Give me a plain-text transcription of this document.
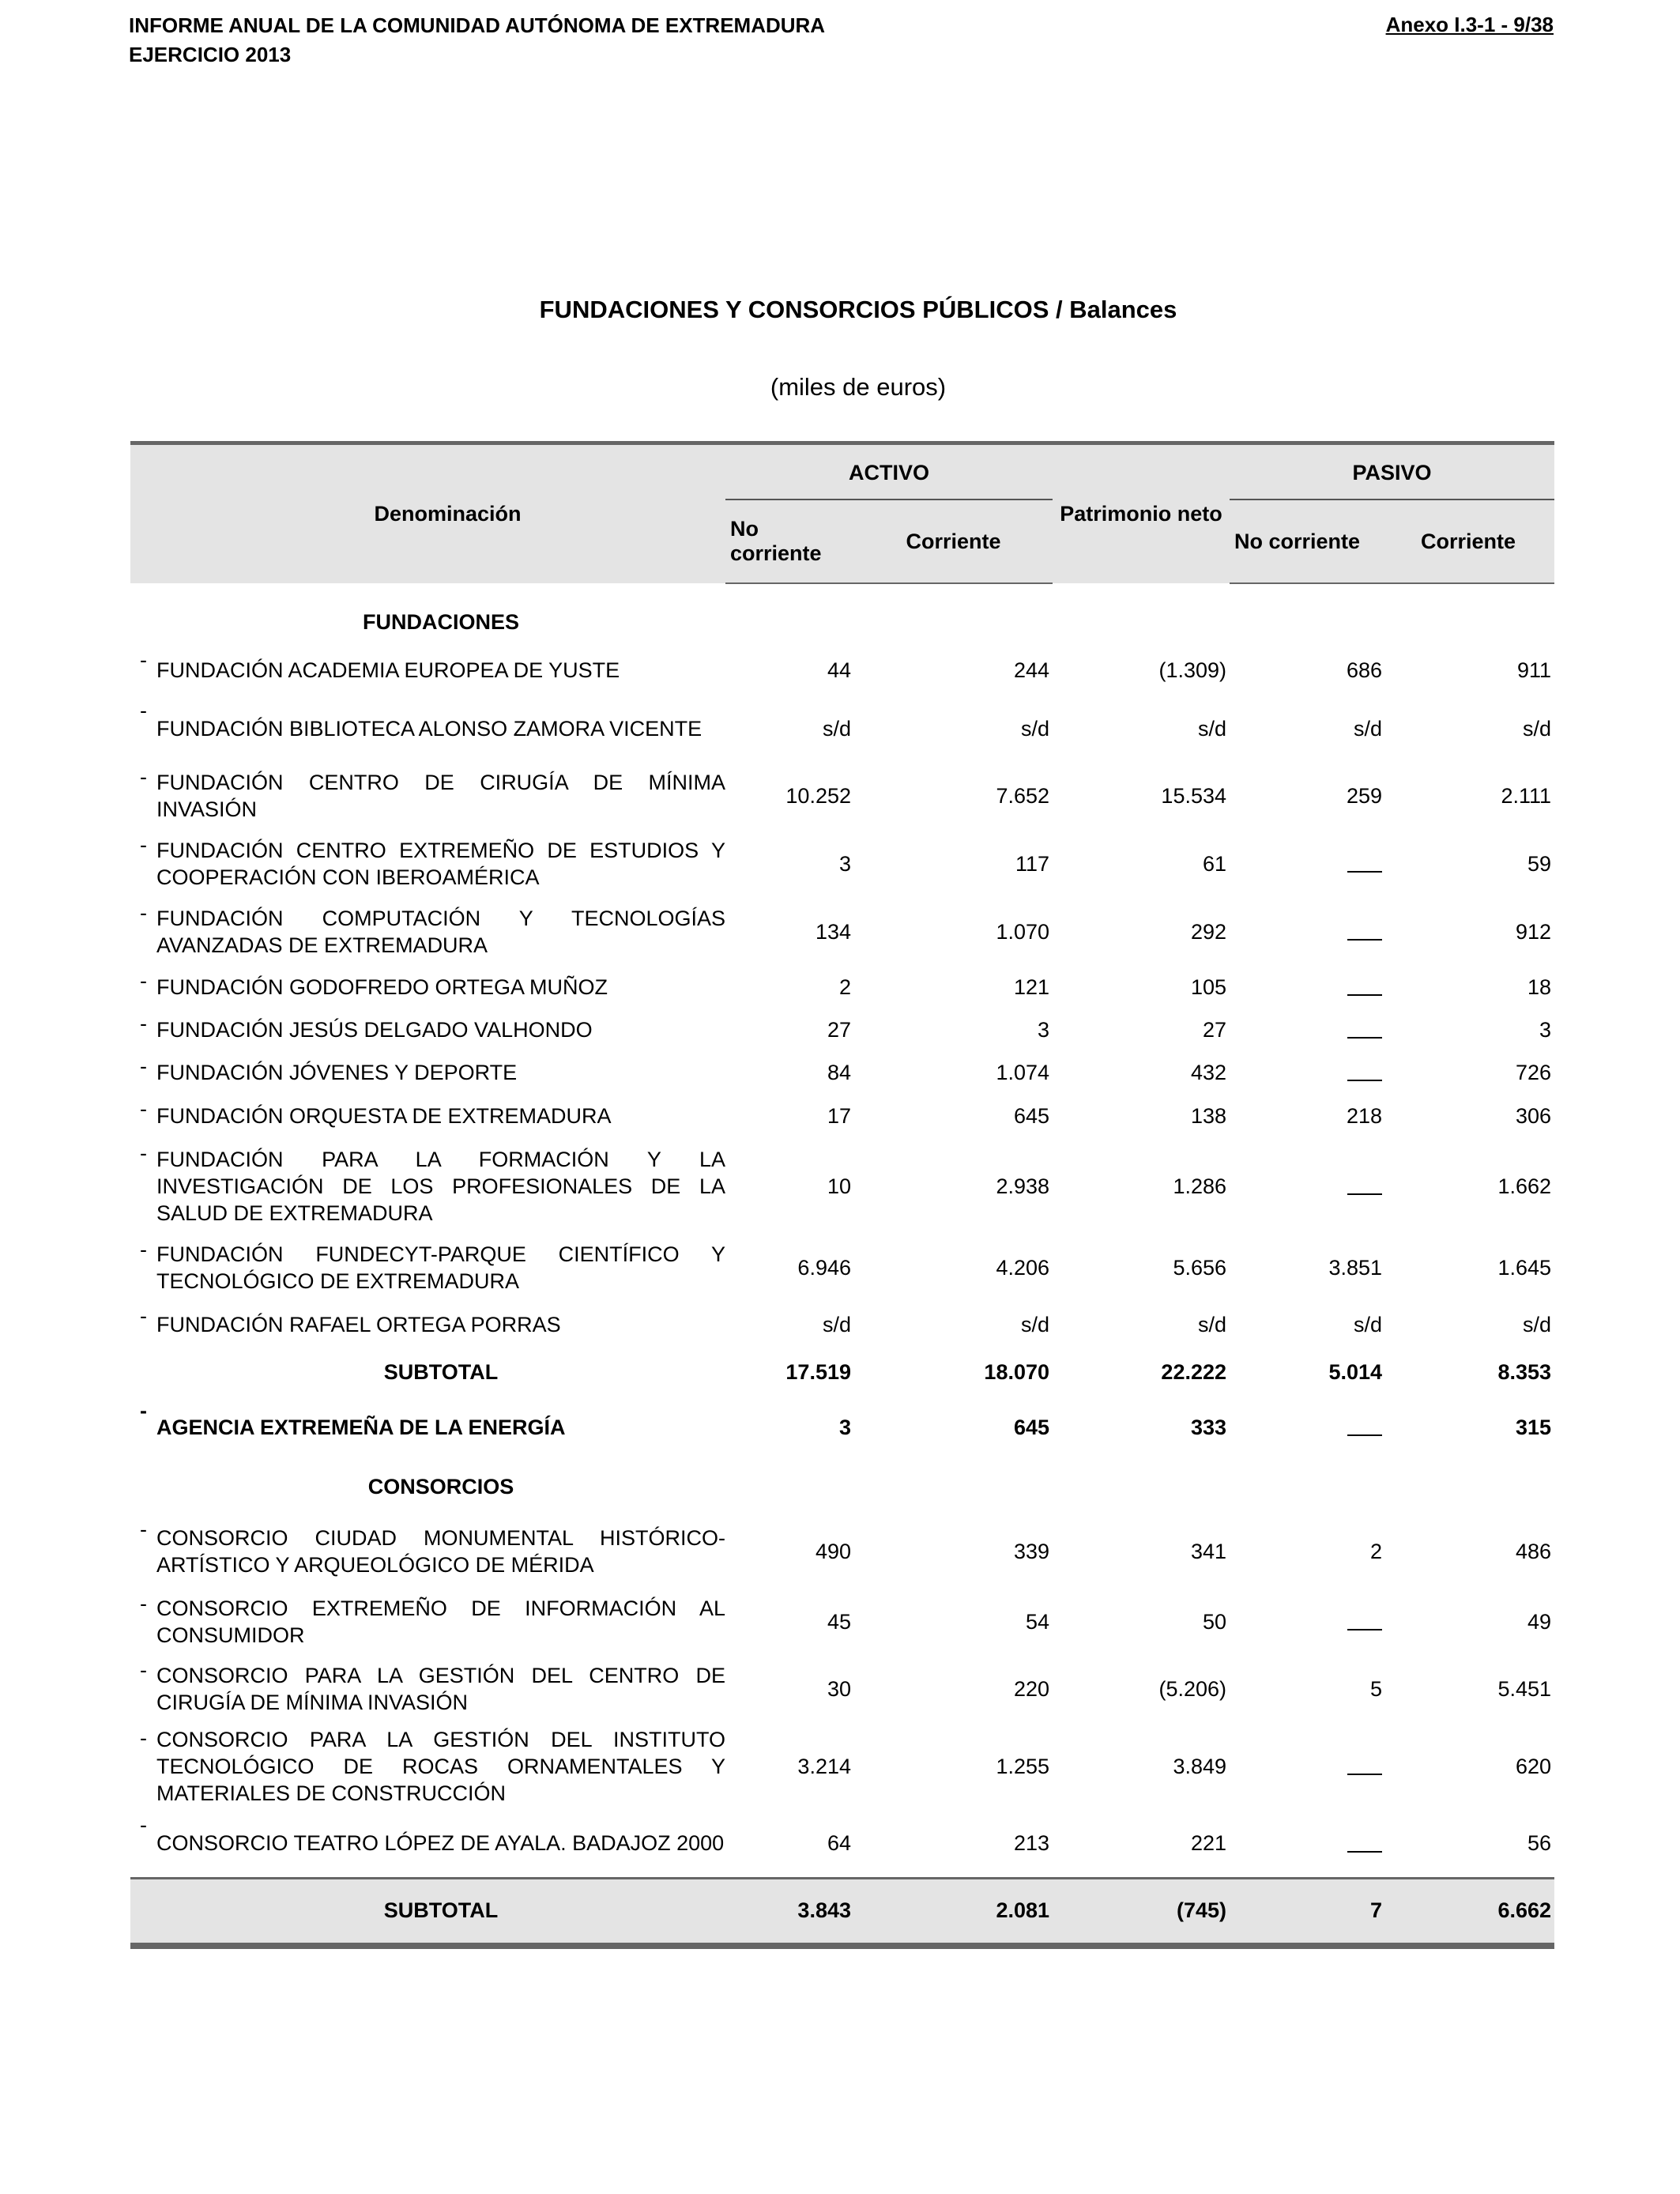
INFORME ANUAL DE LA COMUNIDAD AUTÓNOMA DE EXTREMADURA
EJERCICIO 2013
Anexo I.3-1 - 9/38
FUNDACIONES Y CONSORCIOS PÚBLICOS / Balances
(miles de euros)
Denominación		ACTIVO		Patrimonio neto	PASIVO	

		No corriente	Corriente		No corriente	Corriente

	FUNDACIONES					
-	FUNDACIÓN ACADEMIA EUROPEA DE YUSTE	44	244	(1.309)	686	911
-	FUNDACIÓN BIBLIOTECA ALONSO ZAMORA VICENTE	s/d	s/d	s/d	s/d	s/d
-	FUNDACIÓN CENTRO DE CIRUGÍA DE MÍNIMA INVASIÓN	10.252	7.652	15.534	259	2.111
-	FUNDACIÓN CENTRO EXTREMEÑO DE ESTUDIOS Y COOPERACIÓN CON IBEROAMÉRICA	3	117	61		59
-	FUNDACIÓN COMPUTACIÓN Y TECNOLOGÍAS AVANZADAS DE EXTREMADURA	134	1.070	292		912
-	FUNDACIÓN GODOFREDO ORTEGA MUÑOZ	2	121	105		18
-	FUNDACIÓN JESÚS DELGADO VALHONDO	27	3	27		3
-	FUNDACIÓN JÓVENES Y DEPORTE	84	1.074	432		726
-	FUNDACIÓN ORQUESTA DE EXTREMADURA	17	645	138	218	306
-	FUNDACIÓN PARA LA FORMACIÓN Y LA INVESTIGACIÓN DE LOS PROFESIONALES DE LA SALUD DE EXTREMADURA	10	2.938	1.286		1.662
-	FUNDACIÓN FUNDECYT-PARQUE CIENTÍFICO Y TECNOLÓGICO DE EXTREMADURA	6.946	4.206	5.656	3.851	1.645
-	FUNDACIÓN RAFAEL ORTEGA PORRAS	s/d	s/d	s/d	s/d	s/d
	SUBTOTAL	17.519	18.070	22.222	5.014	8.353
-	AGENCIA EXTREMEÑA DE LA ENERGÍA	3	645	333		315
	CONSORCIOS					
-	CONSORCIO CIUDAD MONUMENTAL HISTÓRICO-ARTÍSTICO Y ARQUEOLÓGICO DE MÉRIDA	490	339	341	2	486
-	CONSORCIO EXTREMEÑO DE INFORMACIÓN AL CONSUMIDOR	45	54	50		49
-	CONSORCIO PARA LA GESTIÓN DEL CENTRO DE CIRUGÍA DE MÍNIMA INVASIÓN	30	220	(5.206)	5	5.451
-	CONSORCIO PARA LA GESTIÓN DEL INSTITUTO TECNOLÓGICO DE ROCAS ORNAMENTALES Y MATERIALES DE CONSTRUCCIÓN	3.214	1.255	3.849		620
-	CONSORCIO TEATRO LÓPEZ DE AYALA. BADAJOZ 2000	64	213	221		56
	SUBTOTAL	3.843	2.081	(745)	7	6.662
